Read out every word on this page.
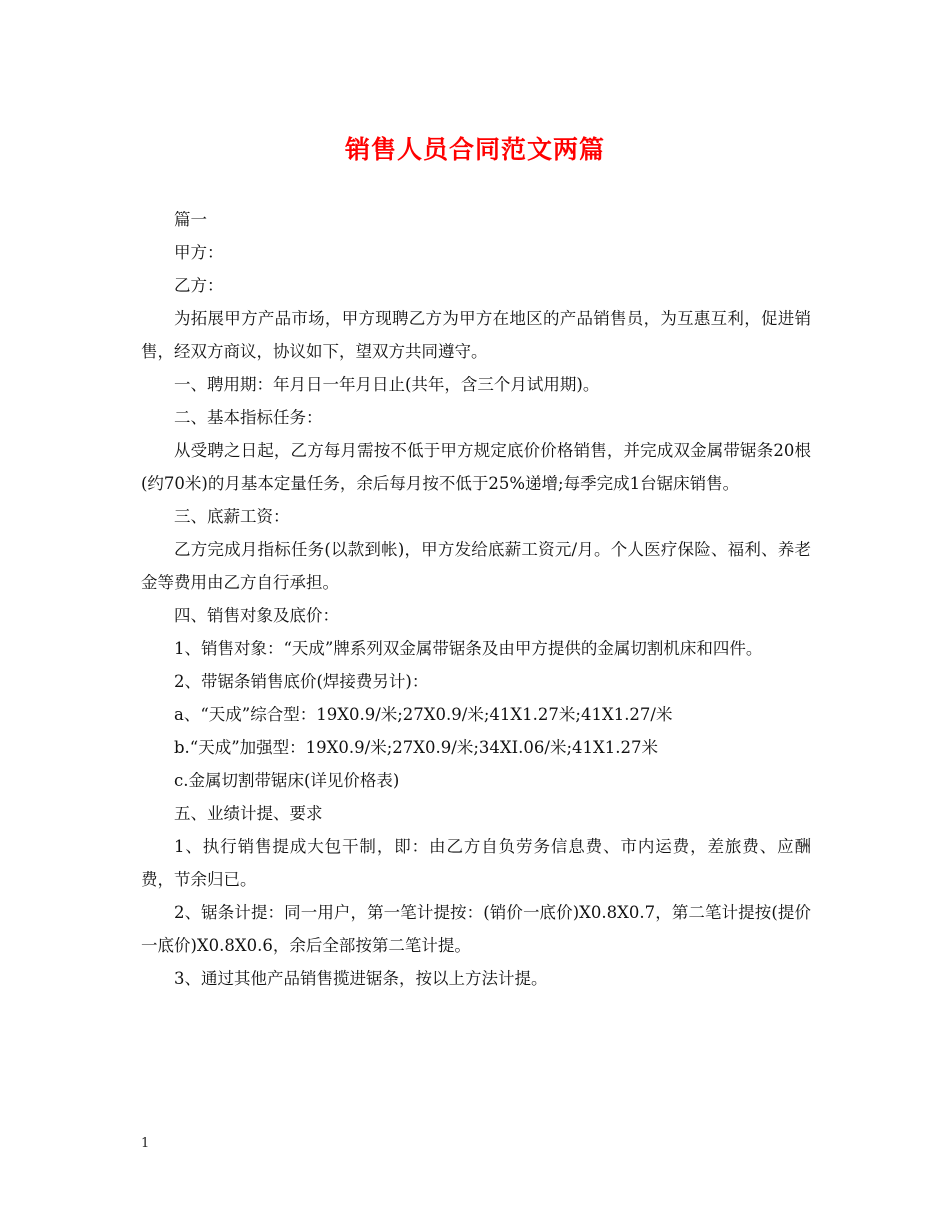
销售人员合同范文两篇

篇一

甲方：

乙方：

为拓展甲方产品市场，甲方现聘乙方为甲方在地区的产品销售员，为互惠互利，促进销售，经双方商议，协议如下，望双方共同遵守。

一、聘用期：年月日一年月日止(共年，含三个月试用期)。

二、基本指标任务：

从受聘之日起，乙方每月需按不低于甲方规定底价价格销售，并完成双金属带锯条20根(约70米)的月基本定量任务，余后每月按不低于25%递增;每季完成1台锯床销售。

三、底薪工资：

乙方完成月指标任务(以款到帐)，甲方发给底薪工资元/月。个人医疗保险、福利、养老金等费用由乙方自行承担。

四、销售对象及底价：

1、销售对象：“天成”牌系列双金属带锯条及由甲方提供的金属切割机床和四件。

2、带锯条销售底价(焊接费另计)：

a、“天成”综合型：19X0.9/米;27X0.9/米;41X1.27米;41X1.27/米

b.“天成”加强型：19X0.9/米;27X0.9/米;34XI.06/米;41X1.27米

c.金属切割带锯床(详见价格表)

五、业绩计提、要求

1、执行销售提成大包干制，即：由乙方自负劳务信息费、市内运费，差旅费、应酬费，节余归已。

2、锯条计提：同一用户，第一笔计提按：(销价一底价)X0.8X0.7，第二笔计提按(提价一底价)X0.8X0.6，余后全部按第二笔计提。

3、通过其他产品销售揽进锯条，按以上方法计提。

1
